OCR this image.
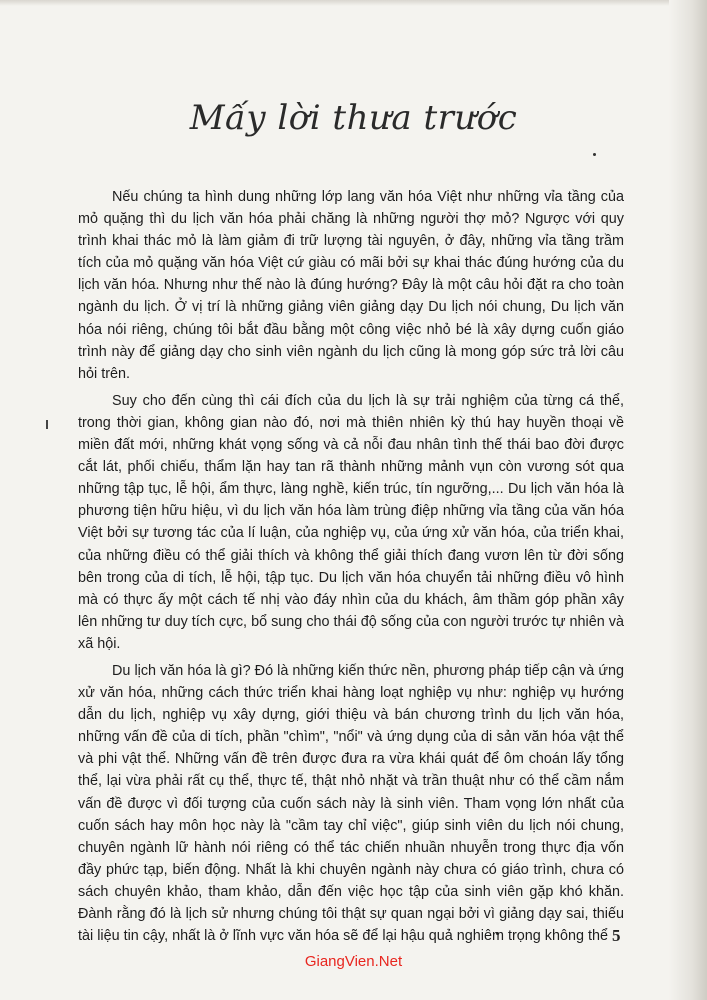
Mấy lời thưa trước

Nếu chúng ta hình dung những lớp lang văn hóa Việt như những vỉa tầng của mỏ quặng thì du lịch văn hóa phải chăng là những người thợ mỏ? Ngược với quy trình khai thác mỏ là làm giảm đi trữ lượng tài nguyên, ở đây, những vỉa tầng trầm tích của mỏ quặng văn hóa Việt cứ giàu có mãi bởi sự khai thác đúng hướng của du lịch văn hóa. Nhưng như thế nào là đúng hướng? Đây là một câu hỏi đặt ra cho toàn ngành du lịch. Ở vị trí là những giảng viên giảng dạy Du lịch nói chung, Du lịch văn hóa nói riêng, chúng tôi bắt đầu bằng một công việc nhỏ bé là xây dựng cuốn giáo trình này để giảng dạy cho sinh viên ngành du lịch cũng là mong góp sức trả lời câu hỏi trên.

Suy cho đến cùng thì cái đích của du lịch là sự trải nghiệm của từng cá thể, trong thời gian, không gian nào đó, nơi mà thiên nhiên kỳ thú hay huyền thoại về miền đất mới, những khát vọng sống và cả nỗi đau nhân tình thế thái bao đời được cắt lát, phối chiếu, thẩm lặn hay tan rã thành những mảnh vụn còn vương sót qua những tập tục, lễ hội, ẩm thực, làng nghề, kiến trúc, tín ngưỡng,... Du lịch văn hóa là phương tiện hữu hiệu, vì du lịch văn hóa làm trùng điệp những vỉa tầng của văn hóa Việt bởi sự tương tác của lí luận, của nghiệp vụ, của ứng xử văn hóa, của triển khai, của những điều có thể giải thích và không thể giải thích đang vươn lên từ đời sống bên trong của di tích, lễ hội, tập tục. Du lịch văn hóa chuyển tải những điều vô hình mà có thực ấy một cách tế nhị vào đáy nhìn của du khách, âm thầm góp phần xây lên những tư duy tích cực, bổ sung cho thái độ sống của con người trước tự nhiên và xã hội.

Du lịch văn hóa là gì? Đó là những kiến thức nền, phương pháp tiếp cận và ứng xử văn hóa, những cách thức triển khai hàng loạt nghiệp vụ như: nghiệp vụ hướng dẫn du lịch, nghiệp vụ xây dựng, giới thiệu và bán chương trình du lịch văn hóa, những vấn đề của di tích, phần "chìm", "nổi" và ứng dụng của di sản văn hóa vật thể và phi vật thể. Những vấn đề trên được đưa ra vừa khái quát để ôm choán lấy tổng thể, lại vừa phải rất cụ thể, thực tế, thật nhỏ nhặt và trần thuật như có thể cầm nắm vấn đề được vì đối tượng của cuốn sách này là sinh viên. Tham vọng lớn nhất của cuốn sách hay môn học này là "cầm tay chỉ việc", giúp sinh viên du lịch nói chung, chuyên ngành lữ hành nói riêng có thể tác chiến nhuần nhuyễn trong thực địa vốn đầy phức tạp, biến động. Nhất là khi chuyên ngành này chưa có giáo trình, chưa có sách chuyên khảo, tham khảo, dẫn đến việc học tập của sinh viên gặp khó khăn. Đành rằng đó là lịch sử nhưng chúng tôi thật sự quan ngại bởi vì giảng dạy sai, thiếu tài liệu tin cậy, nhất là ở lĩnh vực văn hóa sẽ để lại hậu quả nghiêm trọng không thể 5
GiangVien.Net
